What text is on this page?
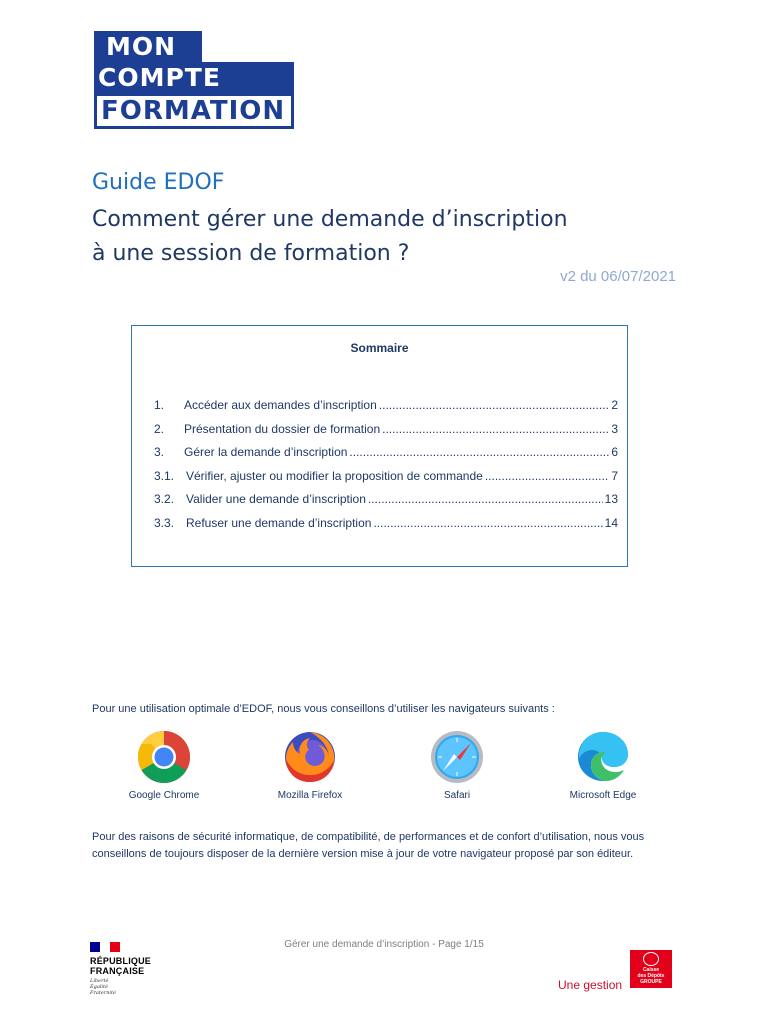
MON
COMPTE
FORMATION
Guide EDOF
Comment gérer une demande d’inscription
à une session de formation ?
v2 du 06/07/2021
Sommaire
1.	Accéder aux demandes d’inscription .....	2
2.	Présentation du dossier de formation .....	3
3.	Gérer la demande d’inscription .....	6
3.1. Vérifier, ajuster ou modifier la proposition de commande .....	7
3.2. Valider une demande d’inscription .....	13
3.3. Refuser une demande d’inscription .....	14
Pour une utilisation optimale d’EDOF, nous vous conseillons d’utiliser les navigateurs suivants :
Google Chrome	Mozilla Firefox	Safari	Microsoft Edge
Pour des raisons de sécurité informatique, de compatibilité, de performances et de confort d’utilisation, nous vous conseillons de toujours disposer de la dernière version mise à jour de votre navigateur proposé par son éditeur.
Gérer une demande d’inscription - Page 1/15
RÉPUBLIQUE
FRANÇAISE
Liberté
Égalité
Fraternité
Une gestion
Caisse
des Dépôts
GROUPE
